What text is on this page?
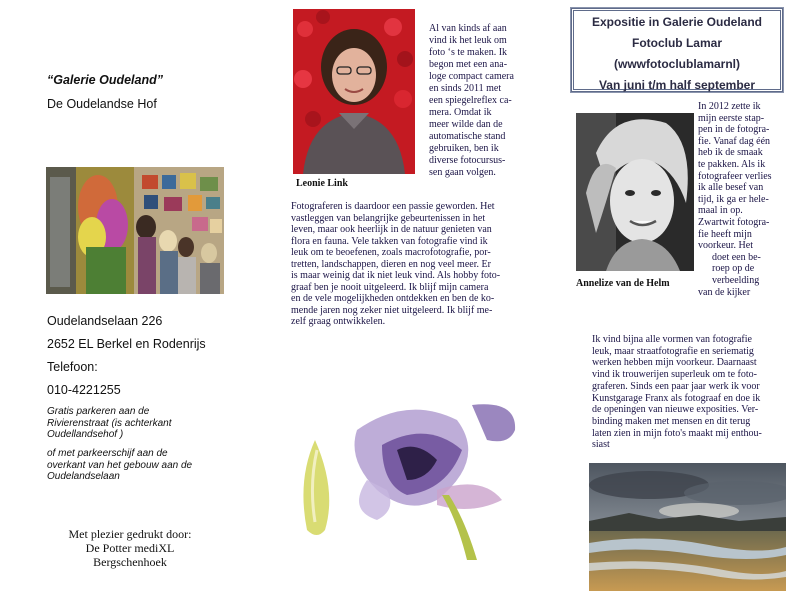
“Galerie Oudeland”
De Oudelandse Hof
Oudelandselaan 226
2652 EL Berkel en Rodenrijs
Telefoon:
010-4221255
Gratis parkeren aan de Rivierenstraat (is achterkant Oudellandsehof )
of met parkeerschijf aan de overkant van het gebouw aan de Oudelandselaan
Met plezier gedrukt door:
De Potter mediXL
Bergschenhoek
Leonie Link
Al van kinds af aan
vind ik het leuk om
foto ‘s te maken. Ik
begon met een ana-
loge compact camera
en sinds 2011 met
een spiegelreflex ca-
mera. Omdat ik
meer wilde dan de
automatische stand
gebruiken, ben ik
diverse fotocursus-
sen gaan volgen.
Fotograferen is daardoor een passie geworden. Het
vastleggen van belangrijke gebeurtenissen in het
leven, maar ook heerlijk in de natuur genieten van
flora en fauna. Vele takken van fotografie vind ik
leuk om te beoefenen, zoals macrofotografie, por-
tretten, landschappen, dieren en nog veel meer. Er
is maar weinig dat ik niet leuk vind. Als hobby foto-
graaf ben je nooit uitgeleerd. Ik blijf mijn camera
en de vele mogelijkheden ontdekken en ben de ko-
mende jaren nog zeker niet uitgeleerd. Ik blijf me-
zelf graag ontwikkelen.
Expositie in Galerie Oudeland
Fotoclub Lamar
(wwwfotoclublamarnl)
Van juni t/m half september
Annelize van de Helm
In 2012 zette ik
mijn eerste stap-
pen in de fotogra-
fie. Vanaf dag één
heb ik de smaak
te pakken. Als ik
fotografeer verlies
ik alle besef van
tijd, ik ga er hele-
maal in op.
Zwartwit fotogra-
fie heeft mijn
voorkeur. Het
doet een be-
roep op de
verbeelding
van de kijker
Ik vind bijna alle vormen van fotografie
leuk, maar straatfotografie en seriematig
werken hebben mijn voorkeur. Daarnaast
vind ik trouwerijen superleuk om te foto-
graferen. Sinds een paar jaar werk ik voor
Kunstgarage Franx als fotograaf en doe ik
de openingen van nieuwe exposities. Ver-
binding maken met mensen en dit terug
laten zien in mijn foto's maakt mij enthou-
siast
